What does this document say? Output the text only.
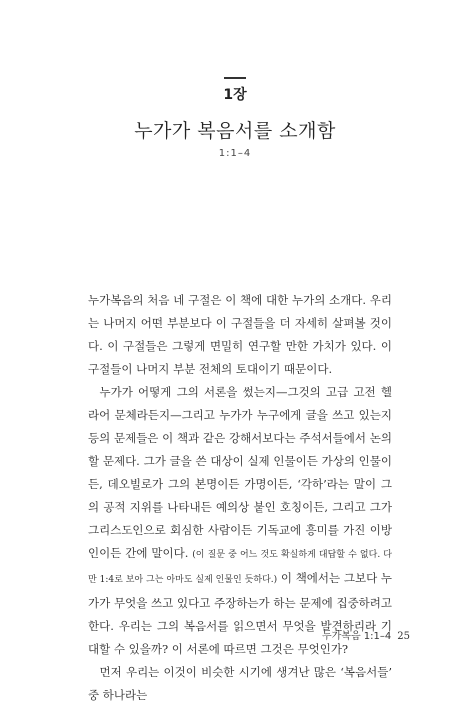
1장
누가가 복음서를 소개함
1:1–4

누가복음의 처음 네 구절은 이 책에 대한 누가의 소개다. 우리는 나머지 어떤 부분보다 이 구절들을 더 자세히 살펴볼 것이다. 이 구절들은 그렇게 면밀히 연구할 만한 가치가 있다. 이 구절들이 나머지 부분 전체의 토대이기 때문이다.

누가가 어떻게 그의 서론을 썼는지—그것의 고급 고전 헬라어 문체라든지—그리고 누가가 누구에게 글을 쓰고 있는지 등의 문제들은 이 책과 같은 강해서보다는 주석서들에서 논의할 문제다. 그가 글을 쓴 대상이 실제 인물이든 가상의 인물이든, 데오빌로가 그의 본명이든 가명이든, ‘각하’라는 말이 그의 공적 지위를 나타내든 예의상 붙인 호칭이든, 그리고 그가 그리스도인으로 회심한 사람이든 기독교에 흥미를 가진 이방인이든 간에 말이다. (이 질문 중 어느 것도 확실하게 대답할 수 없다. 다만 1:4로 보아 그는 아마도 실제 인물인 듯하다.) 이 책에서는 그보다 누가가 무엇을 쓰고 있다고 주장하는가 하는 문제에 집중하려고 한다. 우리는 그의 복음서를 읽으면서 무엇을 발견하리라 기대할 수 있을까? 이 서론에 따르면 그것은 무엇인가?

먼저 우리는 이것이 비슷한 시기에 생겨난 많은 ‘복음서들’ 중 하나라는

누가복음 1:1–4 25
